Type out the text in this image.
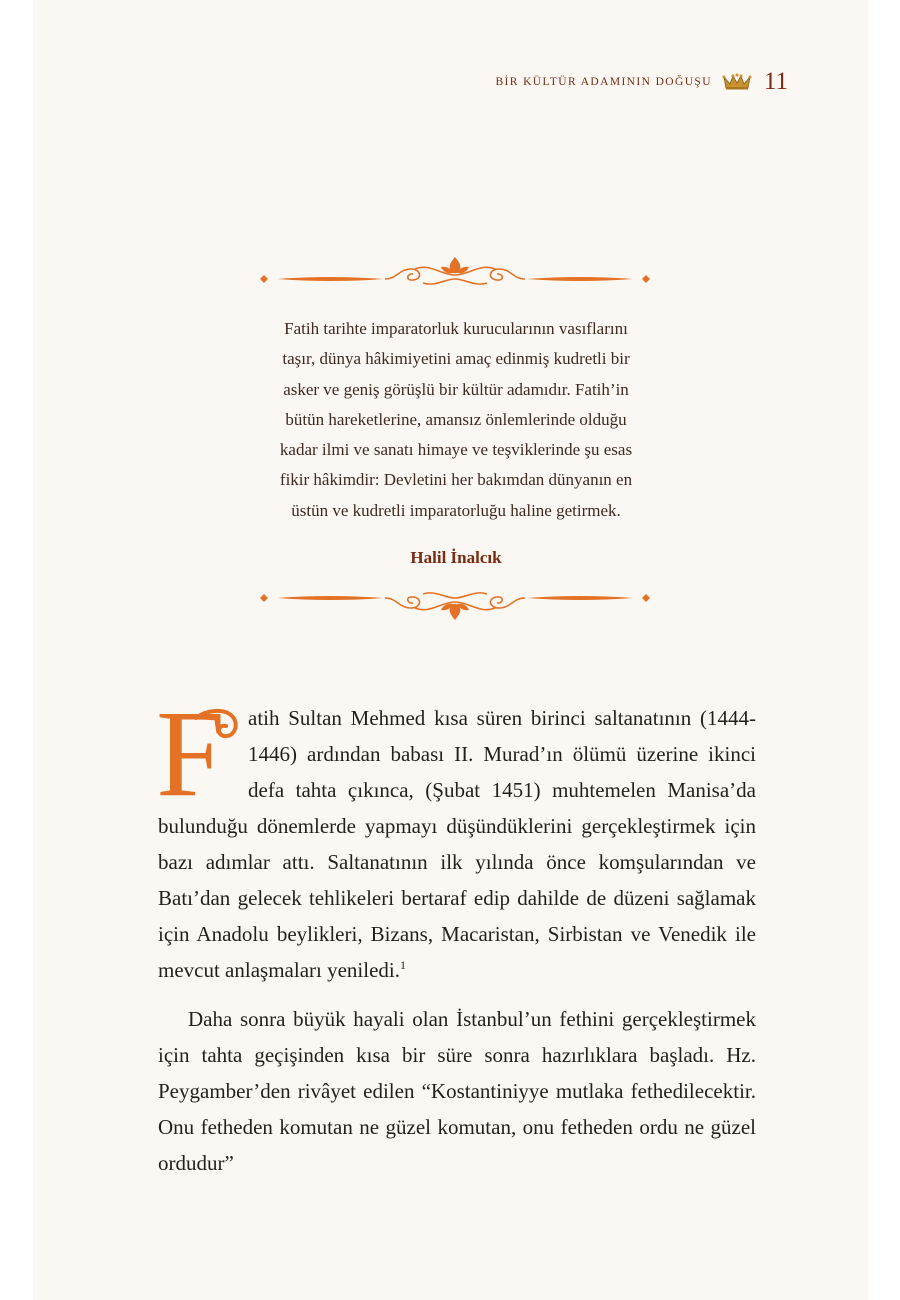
BİR KÜLTÜR ADAMININ DOĞUŞU 11

Fatih tarihte imparatorluk kurucularının vasıflarını
taşır, dünya hâkimiyetini amaç edinmiş kudretli bir
asker ve geniş görüşlü bir kültür adamıdır. Fatih’in
bütün hareketlerine, amansız önlemlerinde olduğu
kadar ilmi ve sanatı himaye ve teşviklerinde şu esas
fikir hâkimdir: Devletini her bakımdan dünyanın en
üstün ve kudretli imparatorluğu haline getirmek.

Halil İnalcık

F atih Sultan Mehmed kısa süren birinci saltanatının (1444-1446) ardından babası II. Murad’ın ölümü üzerine ikinci defa tahta çıkınca, (Şubat 1451) muhtemelen Manisa’da bulunduğu dönemlerde yapmayı düşündüklerini gerçekleştirmek için bazı adımlar attı. Saltanatının ilk yılında önce komşularından ve Batı’dan gelecek tehlikeleri bertaraf edip dahilde de düzeni sağlamak için Anadolu beylikleri, Bizans, Macaristan, Sirbistan ve Venedik ile mevcut anlaşmaları yeniledi.$^1$

Daha sonra büyük hayali olan İstanbul’un fethini gerçekleştirmek için tahta geçişinden kısa bir süre sonra hazırlıklara başladı. Hz. Peygamber’den rivâyet edilen “Kostantiniyye mutlaka fethedilecektir. Onu fetheden komutan ne güzel komutan, onu fetheden ordu ne güzel ordudur”
